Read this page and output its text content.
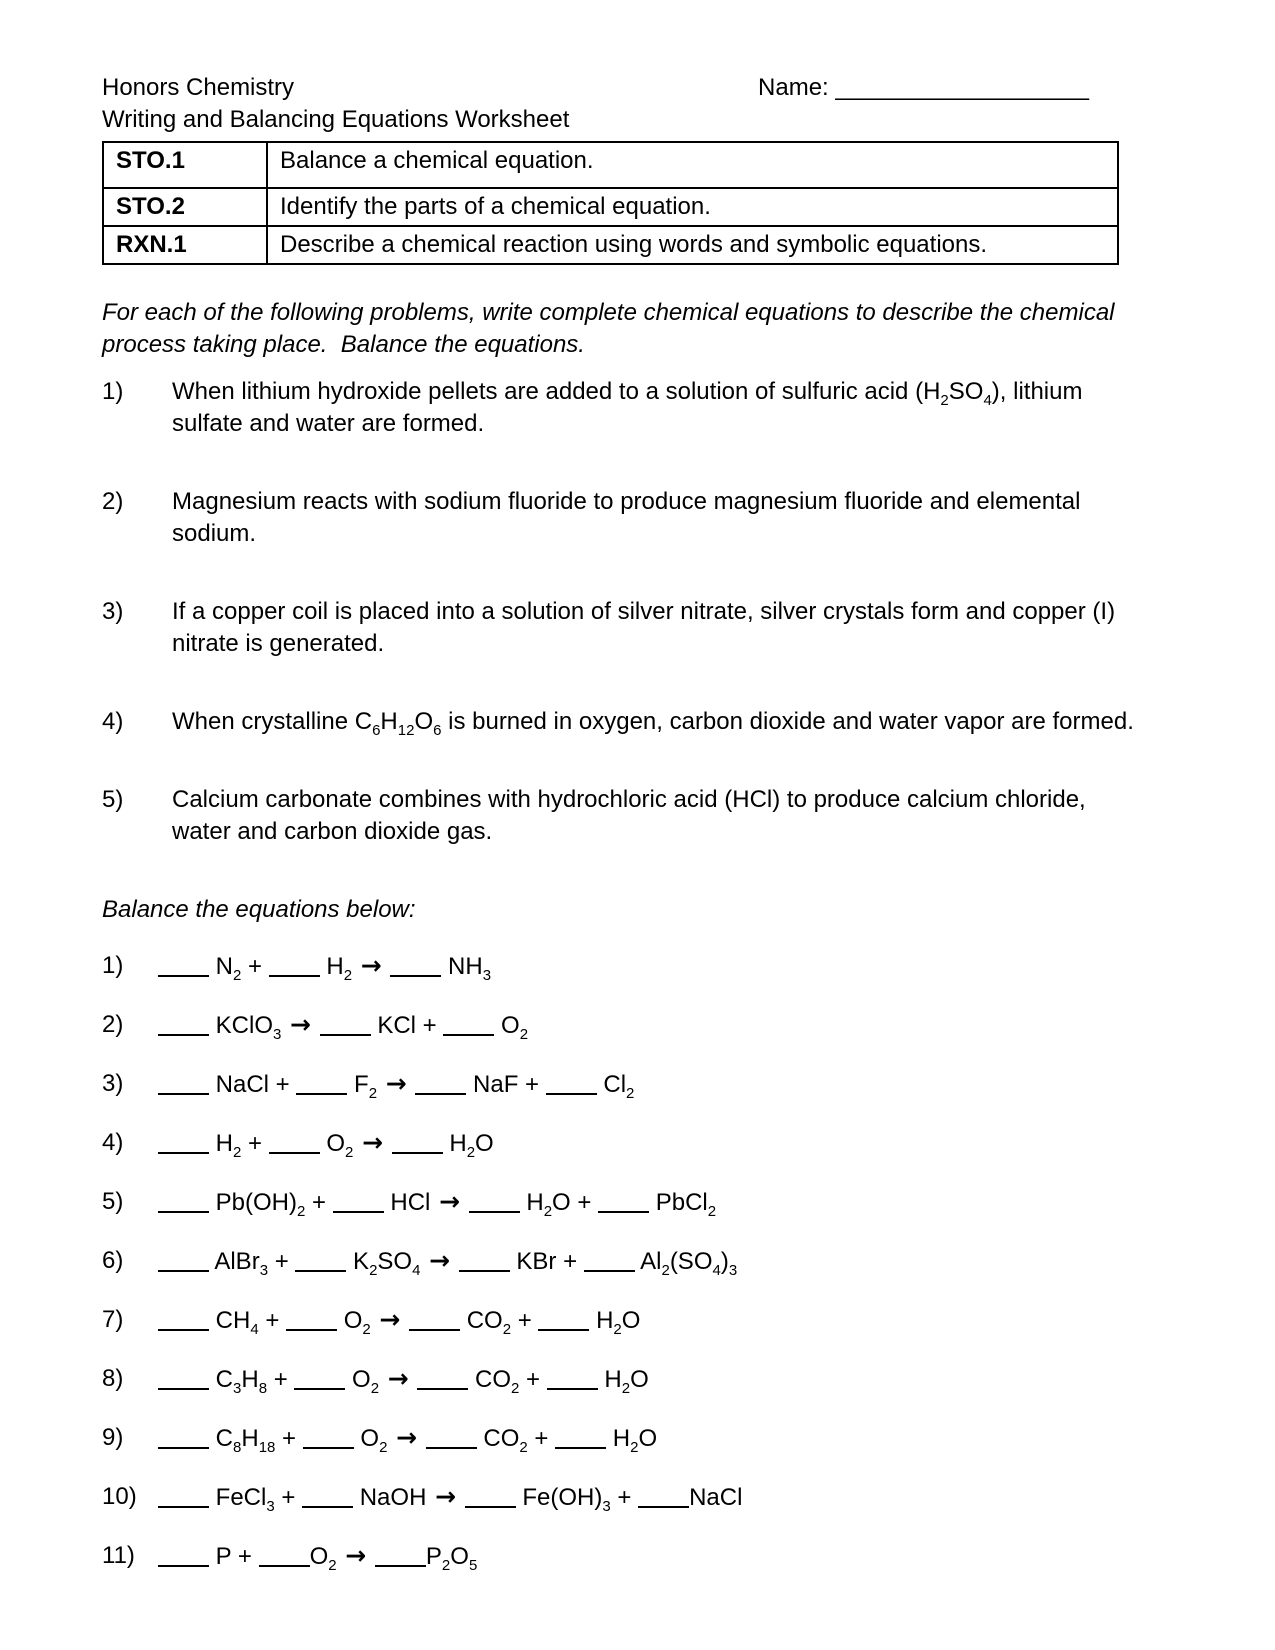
Honors Chemistry
Writing and Balancing Equations Worksheet
Name: ___________________
STO.1	Balance a chemical equation.
STO.2	Identify the parts of a chemical equation.
RXN.1	Describe a chemical reaction using words and symbolic equations.
For each of the following problems, write complete chemical equations to describe the chemical
process taking place.  Balance the equations.
1)	When lithium hydroxide pellets are added to a solution of sulfuric acid $(H_2SO_4)$, lithium
sulfate and water are formed.
2)	Magnesium reacts with sodium fluoride to produce magnesium fluoride and elemental
sodium.
3)	If a copper coil is placed into a solution of silver nitrate, silver crystals form and copper (I)
nitrate is generated.
4)	When crystalline $C_6H_{12}O_6$ is burned in oxygen, carbon dioxide and water vapor are formed.
5)	Calcium carbonate combines with hydrochloric acid (HCl) to produce calcium chloride,
water and carbon dioxide gas.
Balance the equations below:
1)	$N_2 + H_2 \to NH_3$
2)	KClO$_3$ →  KCl +  $O_2$
3)	NaCl +  $F_2$ →  NaF +  $Cl_2$
4)	$H_2 + O_2 \to H_2O$
5)	$Pb(OH)_2$ +  HCl →  $H_2O$ +  PbCl$_2$
6)	AlBr$_3$ +  $K_2SO_4$ →  KBr +  $Al_2(SO_4)_3$
7)	$CH_4 + O_2 \to CO_2 + H_2O$
8)	$C_3H_8 + O_2 \to CO_2 + H_2O$
9)	$C_8H_{18} + O_2 \to CO_2 + H_2O$
10)	FeCl$_3$ +  NaOH →  $Fe(OH)_3$ + NaCl
11)	$P + O_2 \to P_2O_5$
